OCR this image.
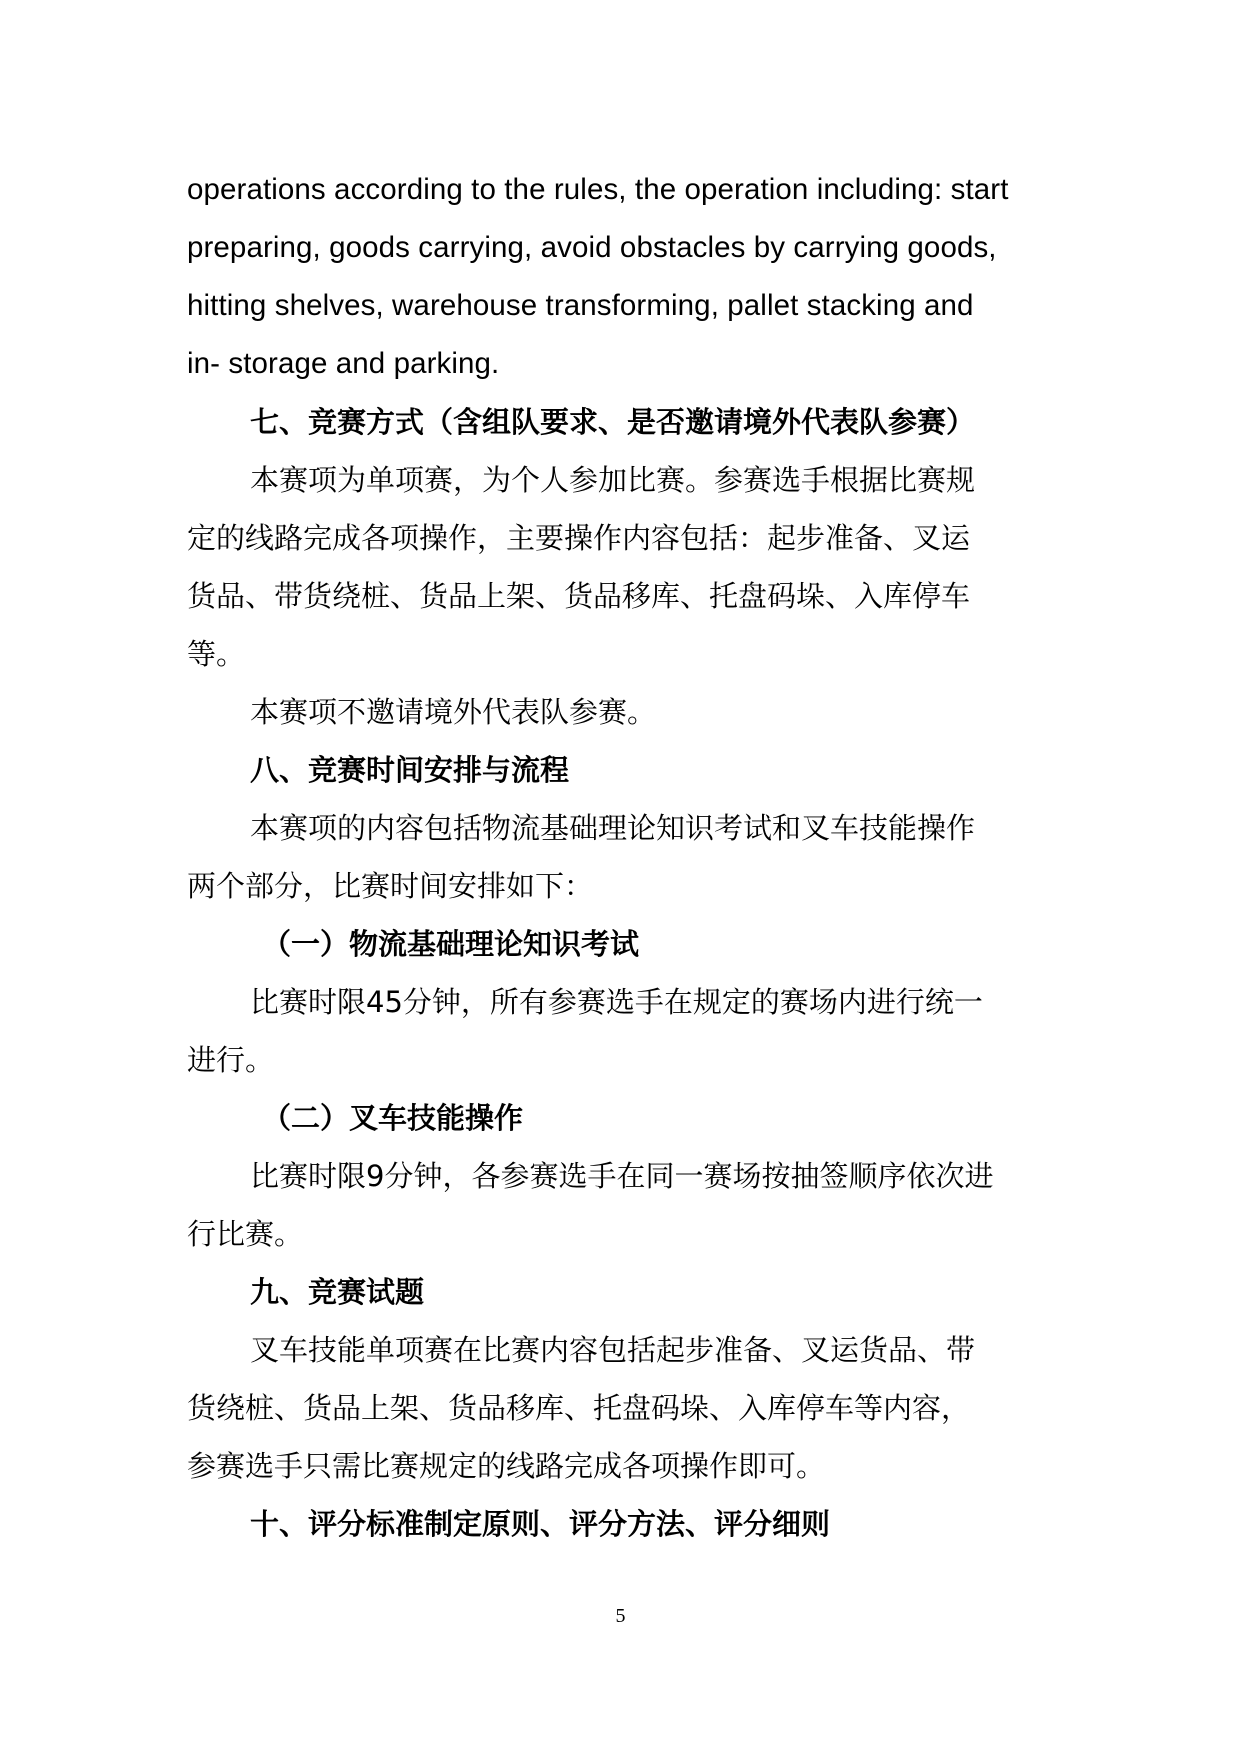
operations according to the rules, the operation including: start
preparing, goods carrying, avoid obstacles by carrying goods,
hitting shelves, warehouse transforming, pallet stacking and
in- storage and parking.
七、竞赛方式（含组队要求、是否邀请境外代表队参赛）
本赛项为单项赛，为个人参加比赛。参赛选手根据比赛规
定的线路完成各项操作，主要操作内容包括：起步准备、叉运
货品、带货绕桩、货品上架、货品移库、托盘码垛、入库停车
等。
本赛项不邀请境外代表队参赛。
八、竞赛时间安排与流程
本赛项的内容包括物流基础理论知识考试和叉车技能操作
两个部分，比赛时间安排如下：
（一）物流基础理论知识考试
比赛时限45分钟，所有参赛选手在规定的赛场内进行统一
进行。
（二）叉车技能操作
比赛时限9分钟，各参赛选手在同一赛场按抽签顺序依次进
行比赛。
九、竞赛试题
叉车技能单项赛在比赛内容包括起步准备、叉运货品、带
货绕桩、货品上架、货品移库、托盘码垛、入库停车等内容，
参赛选手只需比赛规定的线路完成各项操作即可。
十、评分标准制定原则、评分方法、评分细则
5
